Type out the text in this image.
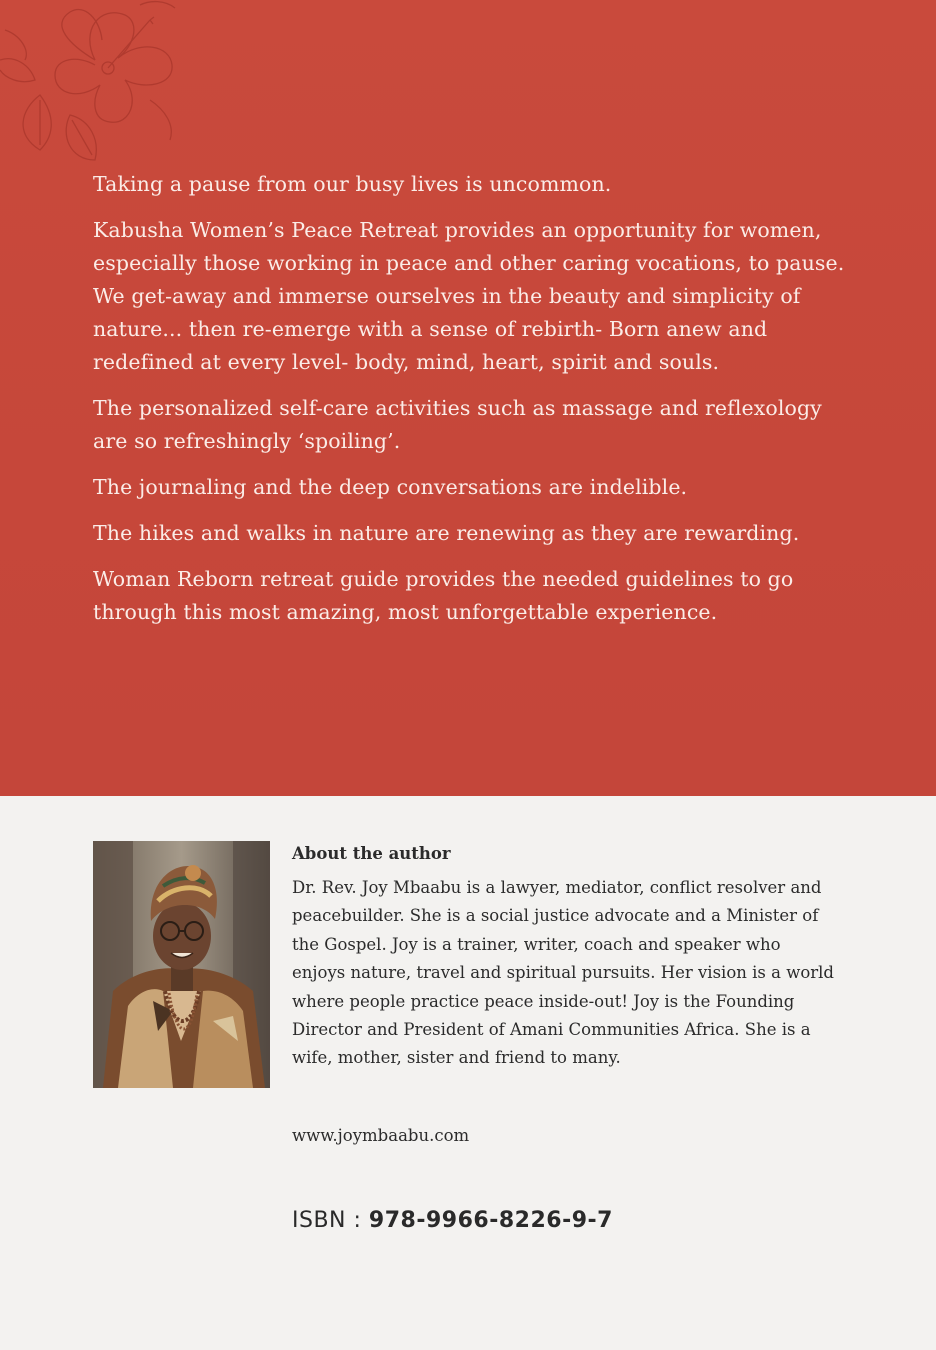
Taking a pause from our busy lives is uncommon.

Kabusha Women’s Peace Retreat provides an opportunity for women, especially those working in peace and other caring vocations, to pause. We get-away and immerse ourselves in the beauty and simplicity of nature... then re-emerge with a sense of rebirth- Born anew and redefined at every level- body, mind, heart, spirit and souls.

The personalized self-care activities such as massage and reflexology are so refreshingly ‘spoiling’.

The journaling and the deep conversations are indelible.

The hikes and walks in nature are renewing as they are rewarding.

Woman Reborn retreat guide provides the needed guidelines to go through this most amazing, most unforgettable experience.

About the author

Dr. Rev. Joy Mbaabu is a lawyer, mediator, conflict resolver and peacebuilder. She is a social justice advocate and a Minister of the Gospel. Joy is a trainer, writer, coach and speaker who enjoys nature, travel and spiritual pursuits. Her vision is a world where people practice peace inside-out! Joy is the Founding Director and President of Amani Communities Africa. She is a wife, mother, sister and friend to many.

www.joymbaabu.com
ISBN : 978-9966-8226-9-7
